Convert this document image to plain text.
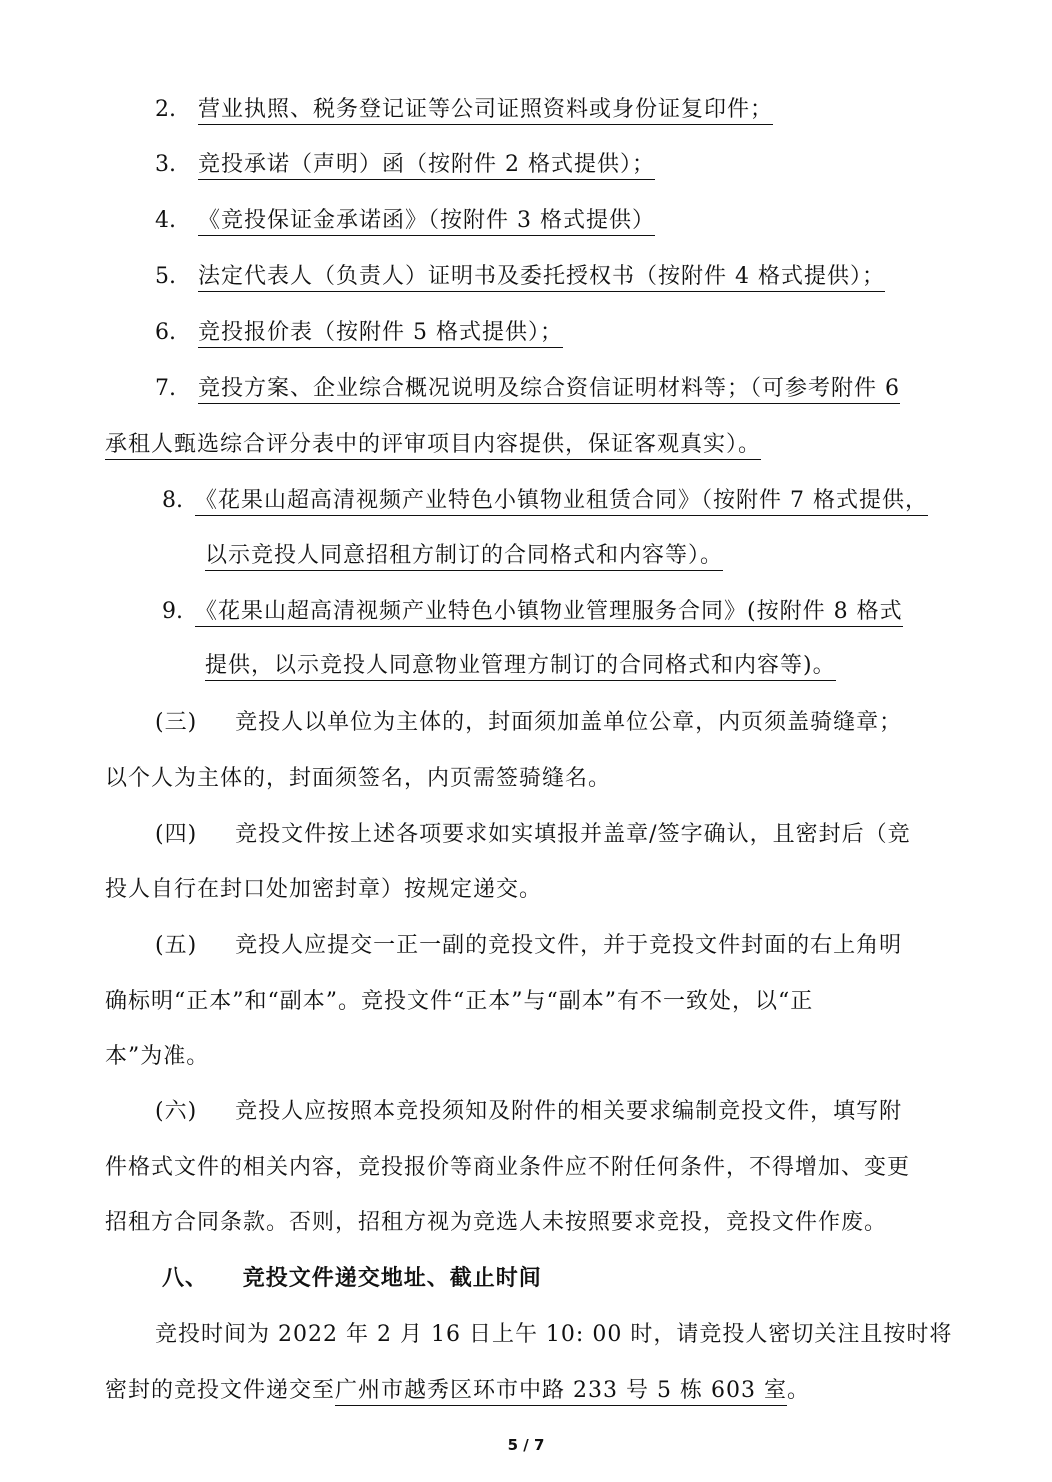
2. 营业执照、税务登记证等公司证照资料或身份证复印件；
3. 竞投承诺（声明）函（按附件 2 格式提供）；
4. 《竞投保证金承诺函》（按附件 3 格式提供）
5. 法定代表人（负责人）证明书及委托授权书（按附件 4 格式提供）；
6. 竞投报价表（按附件 5 格式提供）；
7. 竞投方案、企业综合概况说明及综合资信证明材料等；（可参考附件 6
承租人甄选综合评分表中的评审项目内容提供，保证客观真实）。
8. 《花果山超高清视频产业特色小镇物业租赁合同》（按附件 7 格式提供，
以示竞投人同意招租方制订的合同格式和内容等）。
9. 《花果山超高清视频产业特色小镇物业管理服务合同》(按附件 8 格式
提供，以示竞投人同意物业管理方制订的合同格式和内容等)。
(三) 竞投人以单位为主体的，封面须加盖单位公章，内页须盖骑缝章；
以个人为主体的，封面须签名，内页需签骑缝名。
(四) 竞投文件按上述各项要求如实填报并盖章/签字确认，且密封后（竞
投人自行在封口处加密封章）按规定递交。
(五) 竞投人应提交一正一副的竞投文件，并于竞投文件封面的右上角明
确标明“正本”和“副本”。竞投文件“正本”与“副本”有不一致处，以“正
本”为准。
(六) 竞投人应按照本竞投须知及附件的相关要求编制竞投文件，填写附
件格式文件的相关内容，竞投报价等商业条件应不附任何条件，不得增加、变更
招租方合同条款。否则，招租方视为竞选人未按照要求竞投，竞投文件作废。
八、 竞投文件递交地址、截止时间
竞投时间为 2022 年 2 月 16 日上午 10: 00 时，请竞投人密切关注且按时将
密封的竞投文件递交至广州市越秀区环市中路 233 号 5 栋 603 室。
5 / 7
